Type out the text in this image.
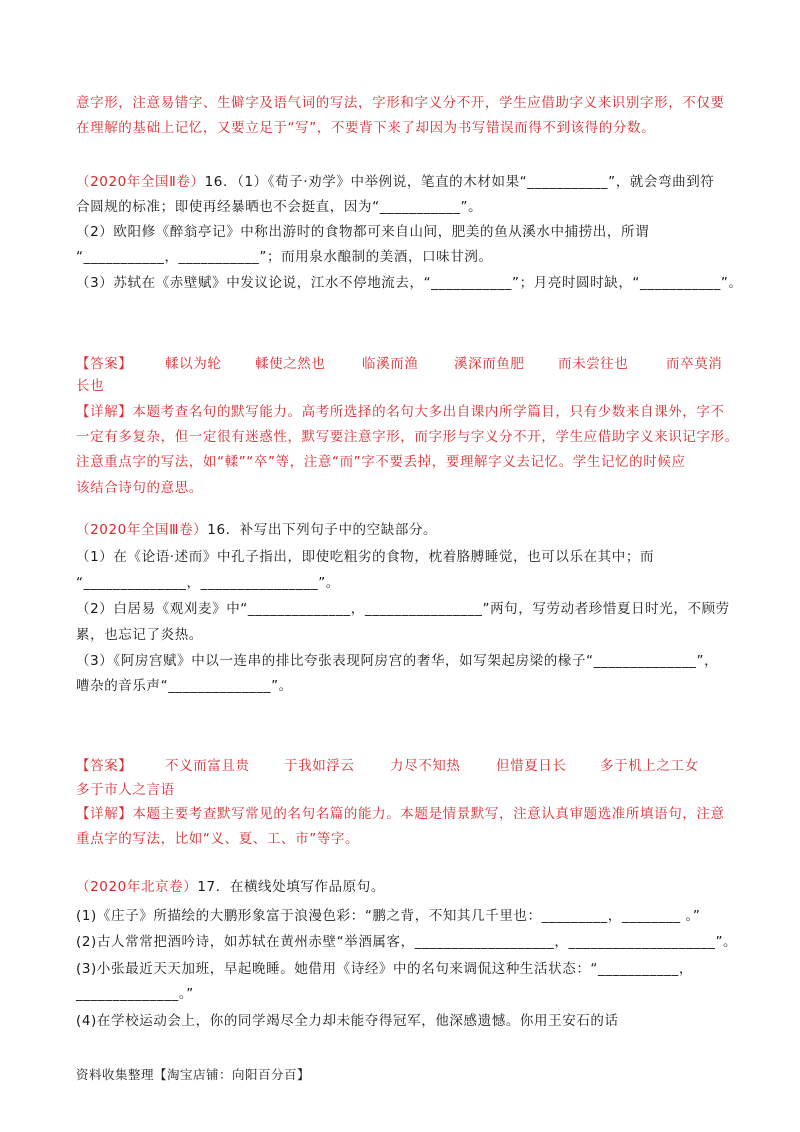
意字形，注意易错字、生僻字及语气词的写法，字形和字义分不开，学生应借助字义来识别字形，不仅要
在理解的基础上记忆，又要立足于“写”，不要背下来了却因为书写错误而得不到该得的分数。
（2020年全国Ⅱ卷）16．（1）《荀子·劝学》中举例说，笔直的木材如果“___________”，就会弯曲到符
合圆规的标准；即使再经暴晒也不会挺直，因为“___________”。
（2）欧阳修《醉翁亭记》中称出游时的食物都可来自山间，肥美的鱼从溪水中捕捞出，所谓
“___________，___________”；而用泉水酿制的美酒，口味甘洌。
（3）苏轼在《赤壁赋》中发议论说，江水不停地流去，“___________”；月亮时圆时缺，“___________”。
【答案】 輮以为轮 輮使之然也	临溪而渔	溪深而鱼肥 而未尝往也	而卒莫消
长也
【详解】本题考查名句的默写能力。高考所选择的名句大多出自课内所学篇目，只有少数来自课外，字不
一定有多复杂，但一定很有迷惑性，默写要注意字形，而字形与字义分不开，学生应借助字义来识记字形。
注意重点字的写法，如“輮”“卒”等，注意“而”字不要丢掉，要理解字义去记忆。学生记忆的时候应
该结合诗句的意思。
（2020年全国Ⅲ卷）16．补写出下列句子中的空缺部分。
（1）在《论语·述而》中孔子指出，即使吃粗劣的食物，枕着胳膊睡觉，也可以乐在其中；而
“______________，________________”。
（2）白居易《观刈麦》中“______________，________________”两句，写劳动者珍惜夏日时光，不顾劳
累，也忘记了炎热。
（3）《阿房宫赋》中以一连串的排比夸张表现阿房宫的奢华，如写架起房梁的椽子“______________”，
嘈杂的音乐声“______________”。
【答案】 不义而富且贵	于我如浮云	力尽不知热	但惜夏日长 多于机上之工女
多于市人之言语
【详解】本题主要考查默写常见的名句名篇的能力。本题是情景默写，注意认真审题选准所填语句，注意
重点字的写法，比如“义、夏、工、市”等字。
（2020年北京卷）17．在横线处填写作品原句。
(1)《庄子》所描绘的大鹏形象富于浪漫色彩：“鹏之背，不知其几千里也：_________，________ 。”
(2)古人常常把酒吟诗，如苏轼在黄州赤壁“举酒属客，___________________，____________________”。
(3)小张最近天天加班，早起晚睡。她借用《诗经》中的名句来调侃这种生活状态：“___________，
______________。”
(4)在学校运动会上，你的同学竭尽全力却未能夺得冠军，他深感遗憾。你用王安石的话
资料收集整理【淘宝店铺：向阳百分百】
